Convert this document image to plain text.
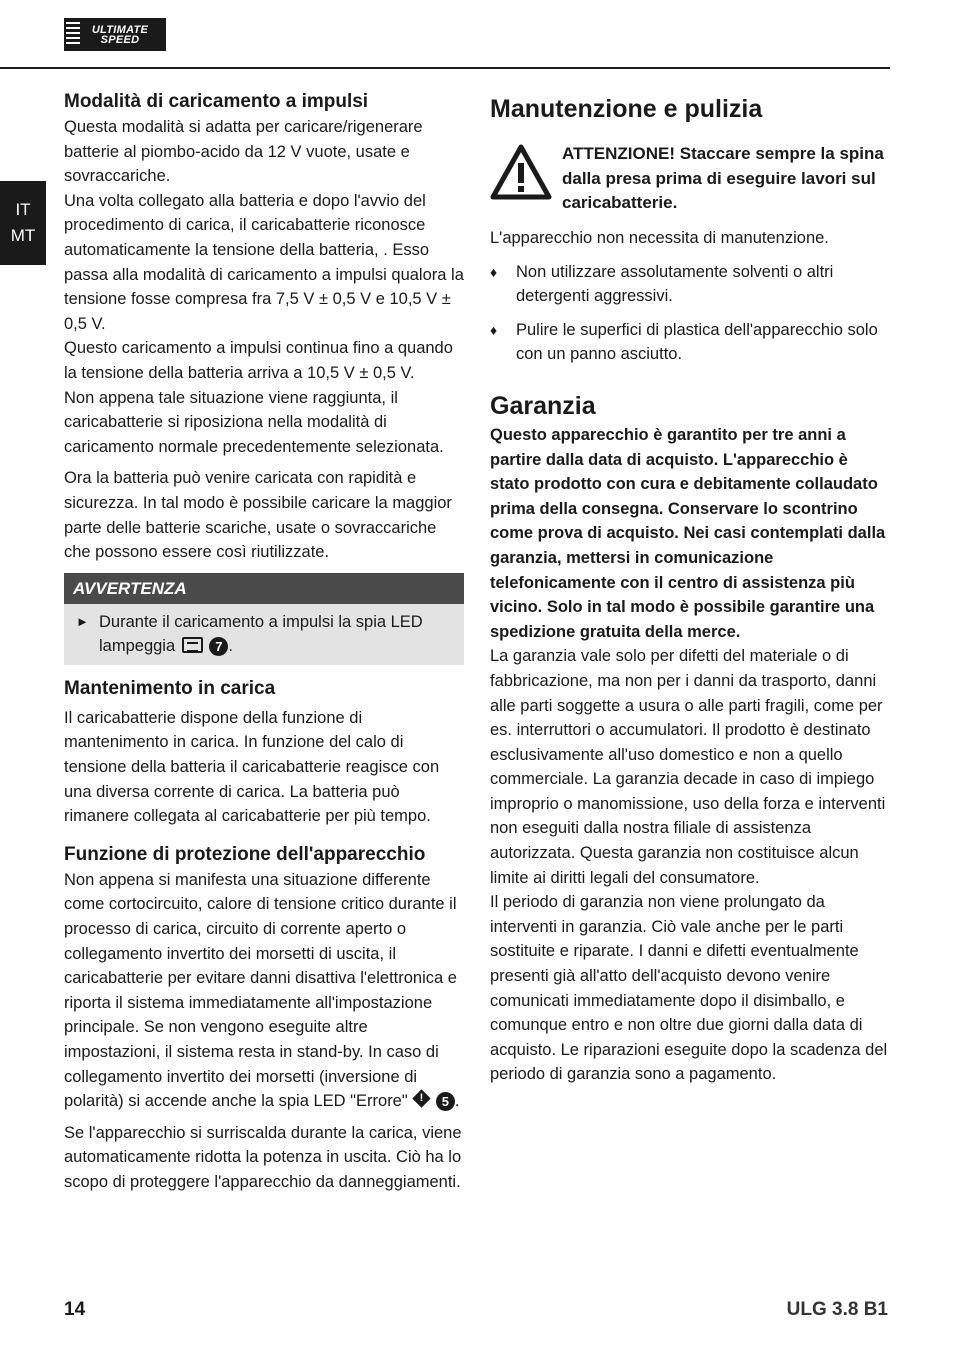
ULTIMATE
SPEED
IT
MT
Modalità di caricamento a impulsi

Questa modalità si adatta per caricare/rigenerare batterie al piombo-acido da 12 V vuote, usate e sovraccariche.

Una volta collegato alla batteria e dopo l'avvio del procedimento di carica, il caricabatterie riconosce automaticamente la tensione della batteria, . Esso passa alla modalità di caricamento a impulsi qualora la tensione fosse compresa fra 7,5 V ± 0,5 V e 10,5 V ± 0,5 V.

Questo caricamento a impulsi continua fino a quando la tensione della batteria arriva a 10,5 V ± 0,5 V.

Non appena tale situazione viene raggiunta, il caricabatterie si riposiziona nella modalità di caricamento normale precedentemente selezionata.

Ora la batteria può venire caricata con rapidità e sicurezza. In tal modo è possibile caricare la maggior parte delle batterie scariche, usate o sovraccariche che possono essere così riutilizzate.

AVVERTENZA
► Durante il caricamento a impulsi la spia LED lampeggia	7 .
Mantenimento in carica

Il caricabatterie dispone della funzione di mantenimento in carica. In funzione del calo di tensione della batteria il caricabatterie reagisce con una diversa corrente di carica. La batteria può rimanere collegata al caricabatterie per più tempo.

Funzione di protezione dell'apparecchio

Non appena si manifesta una situazione differente come cortocircuito, calore di tensione critico durante il processo di carica, circuito di corrente aperto o collegamento invertito dei morsetti di uscita, il caricabatterie per evitare danni disattiva l'elettronica e riporta il sistema immediatamente all'impostazione principale. Se non vengono eseguite altre impostazioni, il sistema resta in stand-by. In caso di collegamento invertito dei morsetti (inversione di polarità) si accende anche la spia LED "Errore"	!	5 .

Se l'apparecchio si surriscalda durante la carica, viene automaticamente ridotta la potenza in uscita. Ciò ha lo scopo di proteggere l'apparecchio da danneggiamenti.

Manutenzione e pulizia
ATTENZIONE! Staccare sempre la spina dalla presa prima di eseguire lavori sul caricabatterie.

L'apparecchio non necessita di manutenzione.

♦ Non utilizzare assolutamente solventi o altri detergenti aggressivi.
♦ Pulire le superfici di plastica dell'apparecchio solo con un panno asciutto.
Garanzia

Questo apparecchio è garantito per tre anni a partire dalla data di acquisto. L'apparecchio è stato prodotto con cura e debitamente collaudato prima della consegna. Conservare lo scontrino come prova di acquisto. Nei casi contemplati dalla garanzia, mettersi in comunicazione telefonicamente con il centro di assistenza più vicino. Solo in tal modo è possibile garantire una spedizione gratuita della merce.

La garanzia vale solo per difetti del materiale o di fabbricazione, ma non per i danni da trasporto, danni alle parti soggette a usura o alle parti fragili, come per es. interruttori o accumulatori. Il prodotto è destinato esclusivamente all'uso domestico e non a quello commerciale. La garanzia decade in caso di impiego improprio o manomissione, uso della forza e interventi non eseguiti dalla nostra filiale di assistenza autorizzata. Questa garanzia non costituisce alcun limite ai diritti legali del consumatore.

Il periodo di garanzia non viene prolungato da interventi in garanzia. Ciò vale anche per le parti sostituite e riparate. I danni e difetti eventualmente presenti già all'atto dell'acquisto devono venire comunicati immediatamente dopo il disimballo, e comunque entro e non oltre due giorni dalla data di acquisto. Le riparazioni eseguite dopo la scadenza del periodo di garanzia sono a pagamento.

14	ULG 3.8 B1
